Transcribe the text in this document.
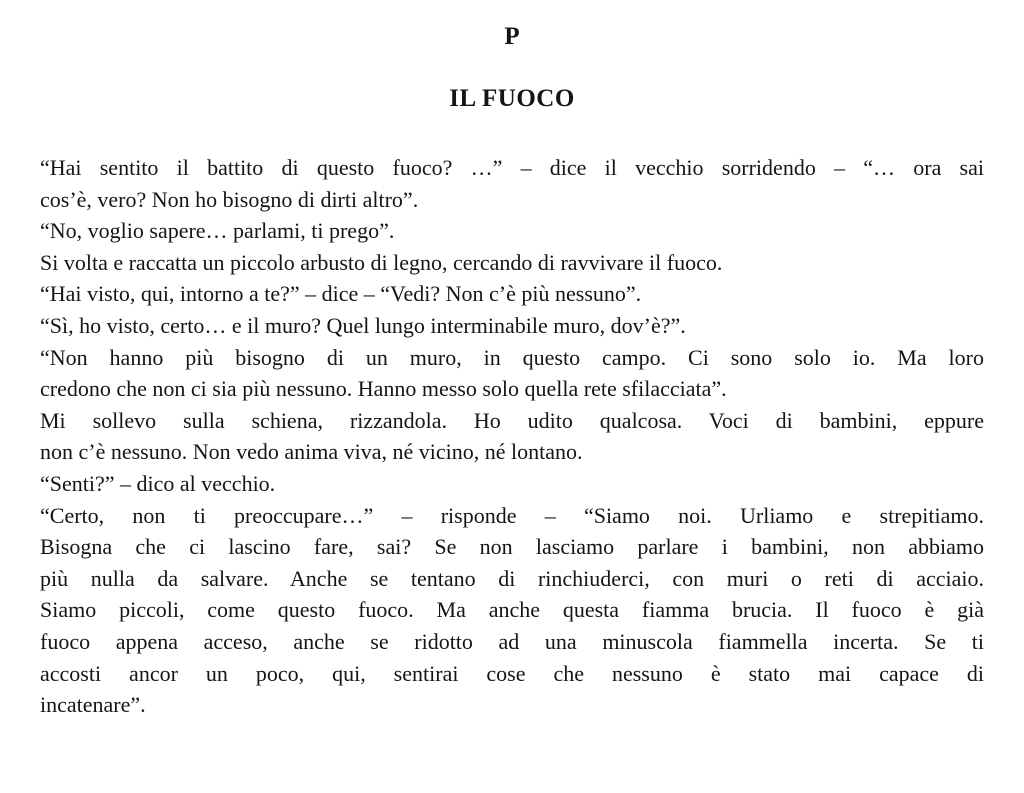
P
IL FUOCO

“Hai sentito il battito di questo fuoco? …” – dice il vecchio sorridendo – “… ora sai
cos’è, vero? Non ho bisogno di dirti altro”.

“No, voglio sapere… parlami, ti prego”.

Si volta e raccatta un piccolo arbusto di legno, cercando di ravvivare il fuoco.

“Hai visto, qui, intorno a te?” – dice – “Vedi? Non c’è più nessuno”.

“Sì, ho visto, certo… e il muro? Quel lungo interminabile muro, dov’è?”.

“Non hanno più bisogno di un muro, in questo campo. Ci sono solo io. Ma loro
credono che non ci sia più nessuno. Hanno messo solo quella rete sfilacciata”.

Mi sollevo sulla schiena, rizzandola. Ho udito qualcosa. Voci di bambini, eppure
non c’è nessuno. Non vedo anima viva, né vicino, né lontano.

“Senti?” – dico al vecchio.

“Certo, non ti preoccupare…” – risponde – “Siamo noi. Urliamo e strepitiamo.
Bisogna che ci lascino fare, sai? Se non lasciamo parlare i bambini, non abbiamo
più nulla da salvare. Anche se tentano di rinchiuderci, con muri o reti di acciaio.
Siamo piccoli, come questo fuoco. Ma anche questa fiamma brucia. Il fuoco è già
fuoco appena acceso, anche se ridotto ad una minuscola fiammella incerta. Se ti
accosti ancor un poco, qui, sentirai cose che nessuno è stato mai capace di
incatenare”.
